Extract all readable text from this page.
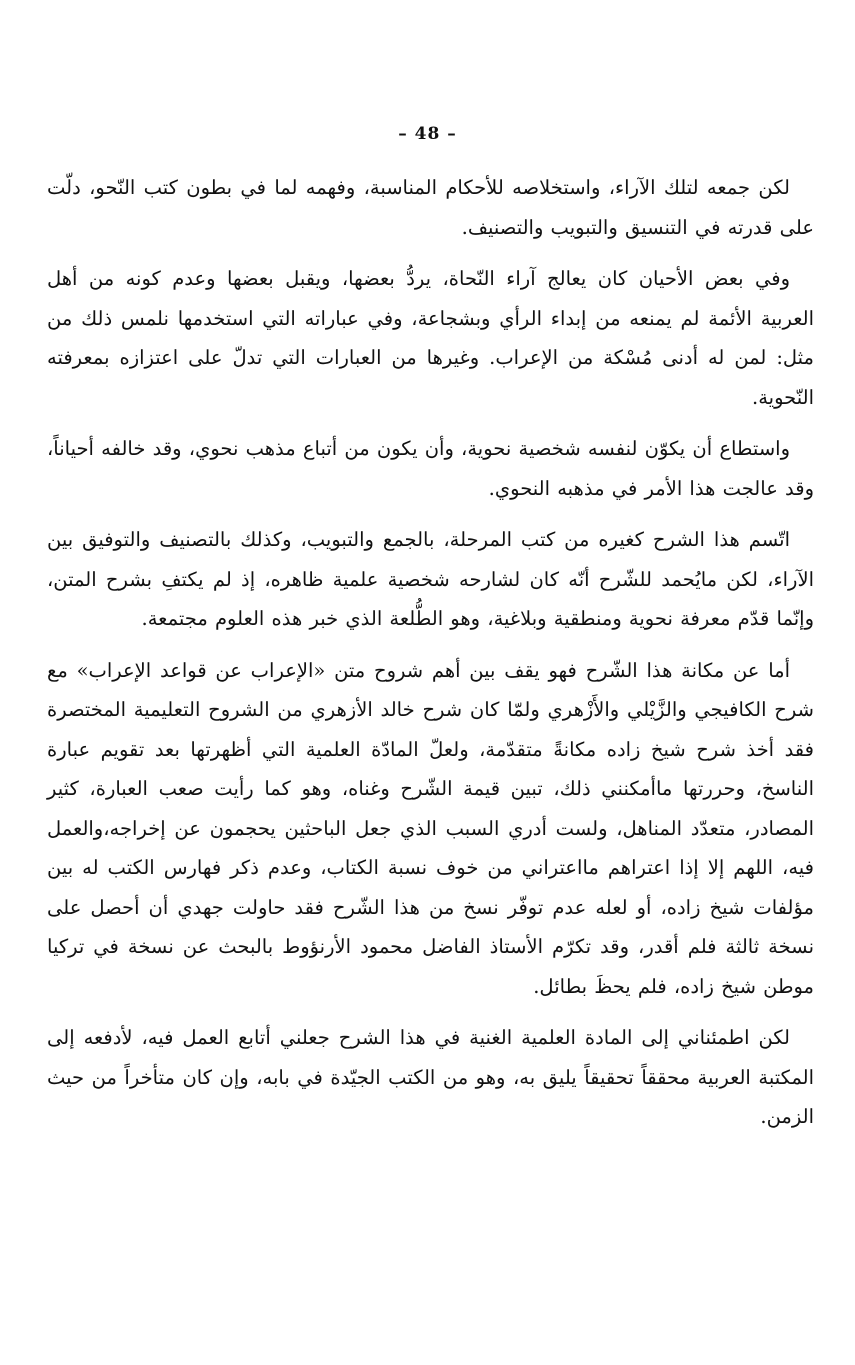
– 48 –

لكن جمعه لتلك الآراء، واستخلاصه للأحكام المناسبة، وفهمه لما في بطون كتب النّحو، دلّت على قدرته في التنسيق والتبويب والتصنيف.

وفي بعض الأحيان كان يعالج آراء النّحاة، يردُّ بعضها، ويقبل بعضها وعدم كونه من أهل العربية الأئمة لم يمنعه من إبداء الرأي وبشجاعة، وفي عباراته التي استخدمها نلمس ذلك من مثل: لمن له أدنى مُسْكة من الإعراب. وغيرها من العبارات التي تدلّ على اعتزازه بمعرفته النّحوية.

واستطاع أن يكوّن لنفسه شخصية نحوية، وأن يكون من أتباع مذهب نحوي، وقد خالفه أحياناً، وقد عالجت هذا الأمر في مذهبه النحوي.

اتّسم هذا الشرح كغيره من كتب المرحلة، بالجمع والتبويب، وكذلك بالتصنيف والتوفيق بين الآراء، لكن مايُحمد للشّرح أنّه كان لشارحه شخصية علمية ظاهره، إذ لم يكتفِ بشرح المتن، وإنّما قدّم معرفة نحوية ومنطقية وبلاغية، وهو الطُّلعة الذي خبر هذه العلوم مجتمعة.

أما عن مكانة هذا الشّرح فهو يقف بين أهم شروح متن «الإعراب عن قواعد الإعراب» مع شرح الكافيجي والزَّيْلي والأَزْهري ولمّا كان شرح خالد الأزهري من الشروح التعليمية المختصرة فقد أخذ شرح شيخ زاده مكانةً متقدّمة، ولعلّ المادّة العلمية التي أظهرتها بعد تقويم عبارة الناسخ، وحررتها ماأمكنني ذلك، تبين قيمة الشّرح وغناه، وهو كما رأيت صعب العبارة، كثير المصادر، متعدّد المناهل، ولست أدري السبب الذي جعل الباحثين يحجمون عن إخراجه،والعمل فيه، اللهم إلا إذا اعتراهم مااعتراني من خوف نسبة الكتاب، وعدم ذكر فهارس الكتب له بين مؤلفات شيخ زاده، أو لعله عدم توفّر نسخ من هذا الشّرح فقد حاولت جهدي أن أحصل على نسخة ثالثة فلم أقدر، وقد تكرّم الأستاذ الفاضل محمود الأرنؤوط بالبحث عن نسخة في تركيا موطن شيخ زاده، فلم يحظَ بطائل.

لكن اطمئناني إلى المادة العلمية الغنية في هذا الشرح جعلني أتابع العمل فيه، لأدفعه إلى المكتبة العربية محققاً تحقيقاً يليق به، وهو من الكتب الجيّدة في بابه، وإن كان متأخراً من حيث الزمن.
